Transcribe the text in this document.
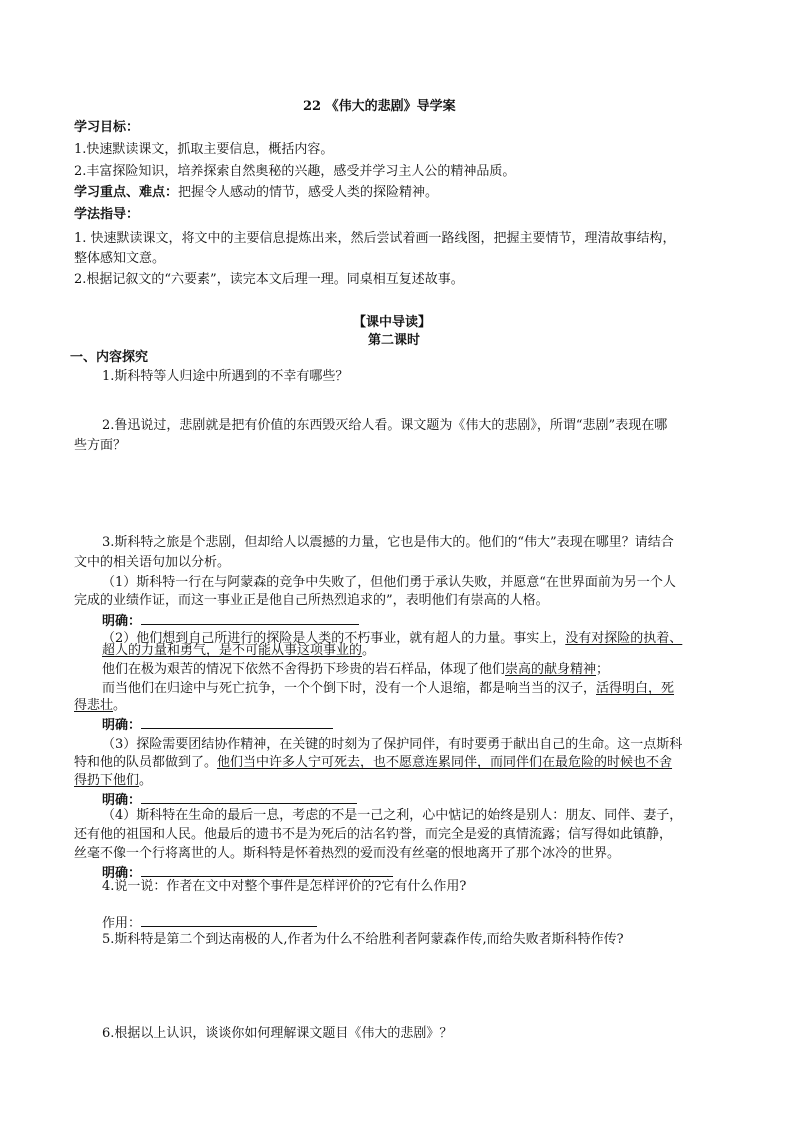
22 《伟大的悲剧》导学案
学习目标：
1.快速默读课文，抓取主要信息，概括内容。
2.丰富探险知识，培养探索自然奥秘的兴趣，感受并学习主人公的精神品质。
学习重点、难点：把握令人感动的情节，感受人类的探险精神。
学法指导：
1. 快速默读课文，将文中的主要信息提炼出来，然后尝试着画一路线图，把握主要情节，理清故事结构，
整体感知文意。
2.根据记叙文的“六要素”，读完本文后理一理。同桌相互复述故事。
【课中导读】
第二课时
一、内容探究
1.斯科特等人归途中所遇到的不幸有哪些？
2.鲁迅说过，悲剧就是把有价值的东西毁灭给人看。课文题为《伟大的悲剧》，所谓“悲剧”表现在哪
些方面？
3.斯科特之旅是个悲剧，但却给人以震撼的力量，它也是伟大的。他们的“伟大”表现在哪里？请结合
文中的相关语句加以分析。
（1）斯科特一行在与阿蒙森的竞争中失败了，但他们勇于承认失败，并愿意“在世界面前为另一个人
完成的业绩作证，而这一事业正是他自己所热烈追求的”，表明他们有崇高的人格。
明确：
（2）他们想到自己所进行的探险是人类的不朽事业，就有超人的力量。事实上，没有对探险的执着、
超人的力量和勇气，是不可能从事这项事业的。
他们在极为艰苦的情况下依然不舍得扔下珍贵的岩石样品，体现了他们崇高的献身精神；
而当他们在归途中与死亡抗争，一个个倒下时，没有一个人退缩，都是响当当的汉子，活得明白，死
得悲壮。
明确：
（3）探险需要团结协作精神，在关键的时刻为了保护同伴，有时要勇于献出自己的生命。这一点斯科
特和他的队员都做到了。他们当中许多人宁可死去，也不愿意连累同伴，而同伴们在最危险的时候也不舍
得扔下他们。
明确：
（4）斯科特在生命的最后一息，考虑的不是一己之利，心中惦记的始终是别人：朋友、同伴、妻子，
还有他的祖国和人民。他最后的遗书不是为死后的沽名钓誉，而完全是爱的真情流露；信写得如此镇静，
丝毫不像一个行将离世的人。斯科特是怀着热烈的爱而没有丝毫的恨地离开了那个冰冷的世界。
明确：
4.说一说：作者在文中对整个事件是怎样评价的?它有什么作用?
作用：
5.斯科特是第二个到达南极的人,作者为什么不给胜利者阿蒙森作传,而给失败者斯科特作传?
6.根据以上认识，谈谈你如何理解课文题目《伟大的悲剧》？
